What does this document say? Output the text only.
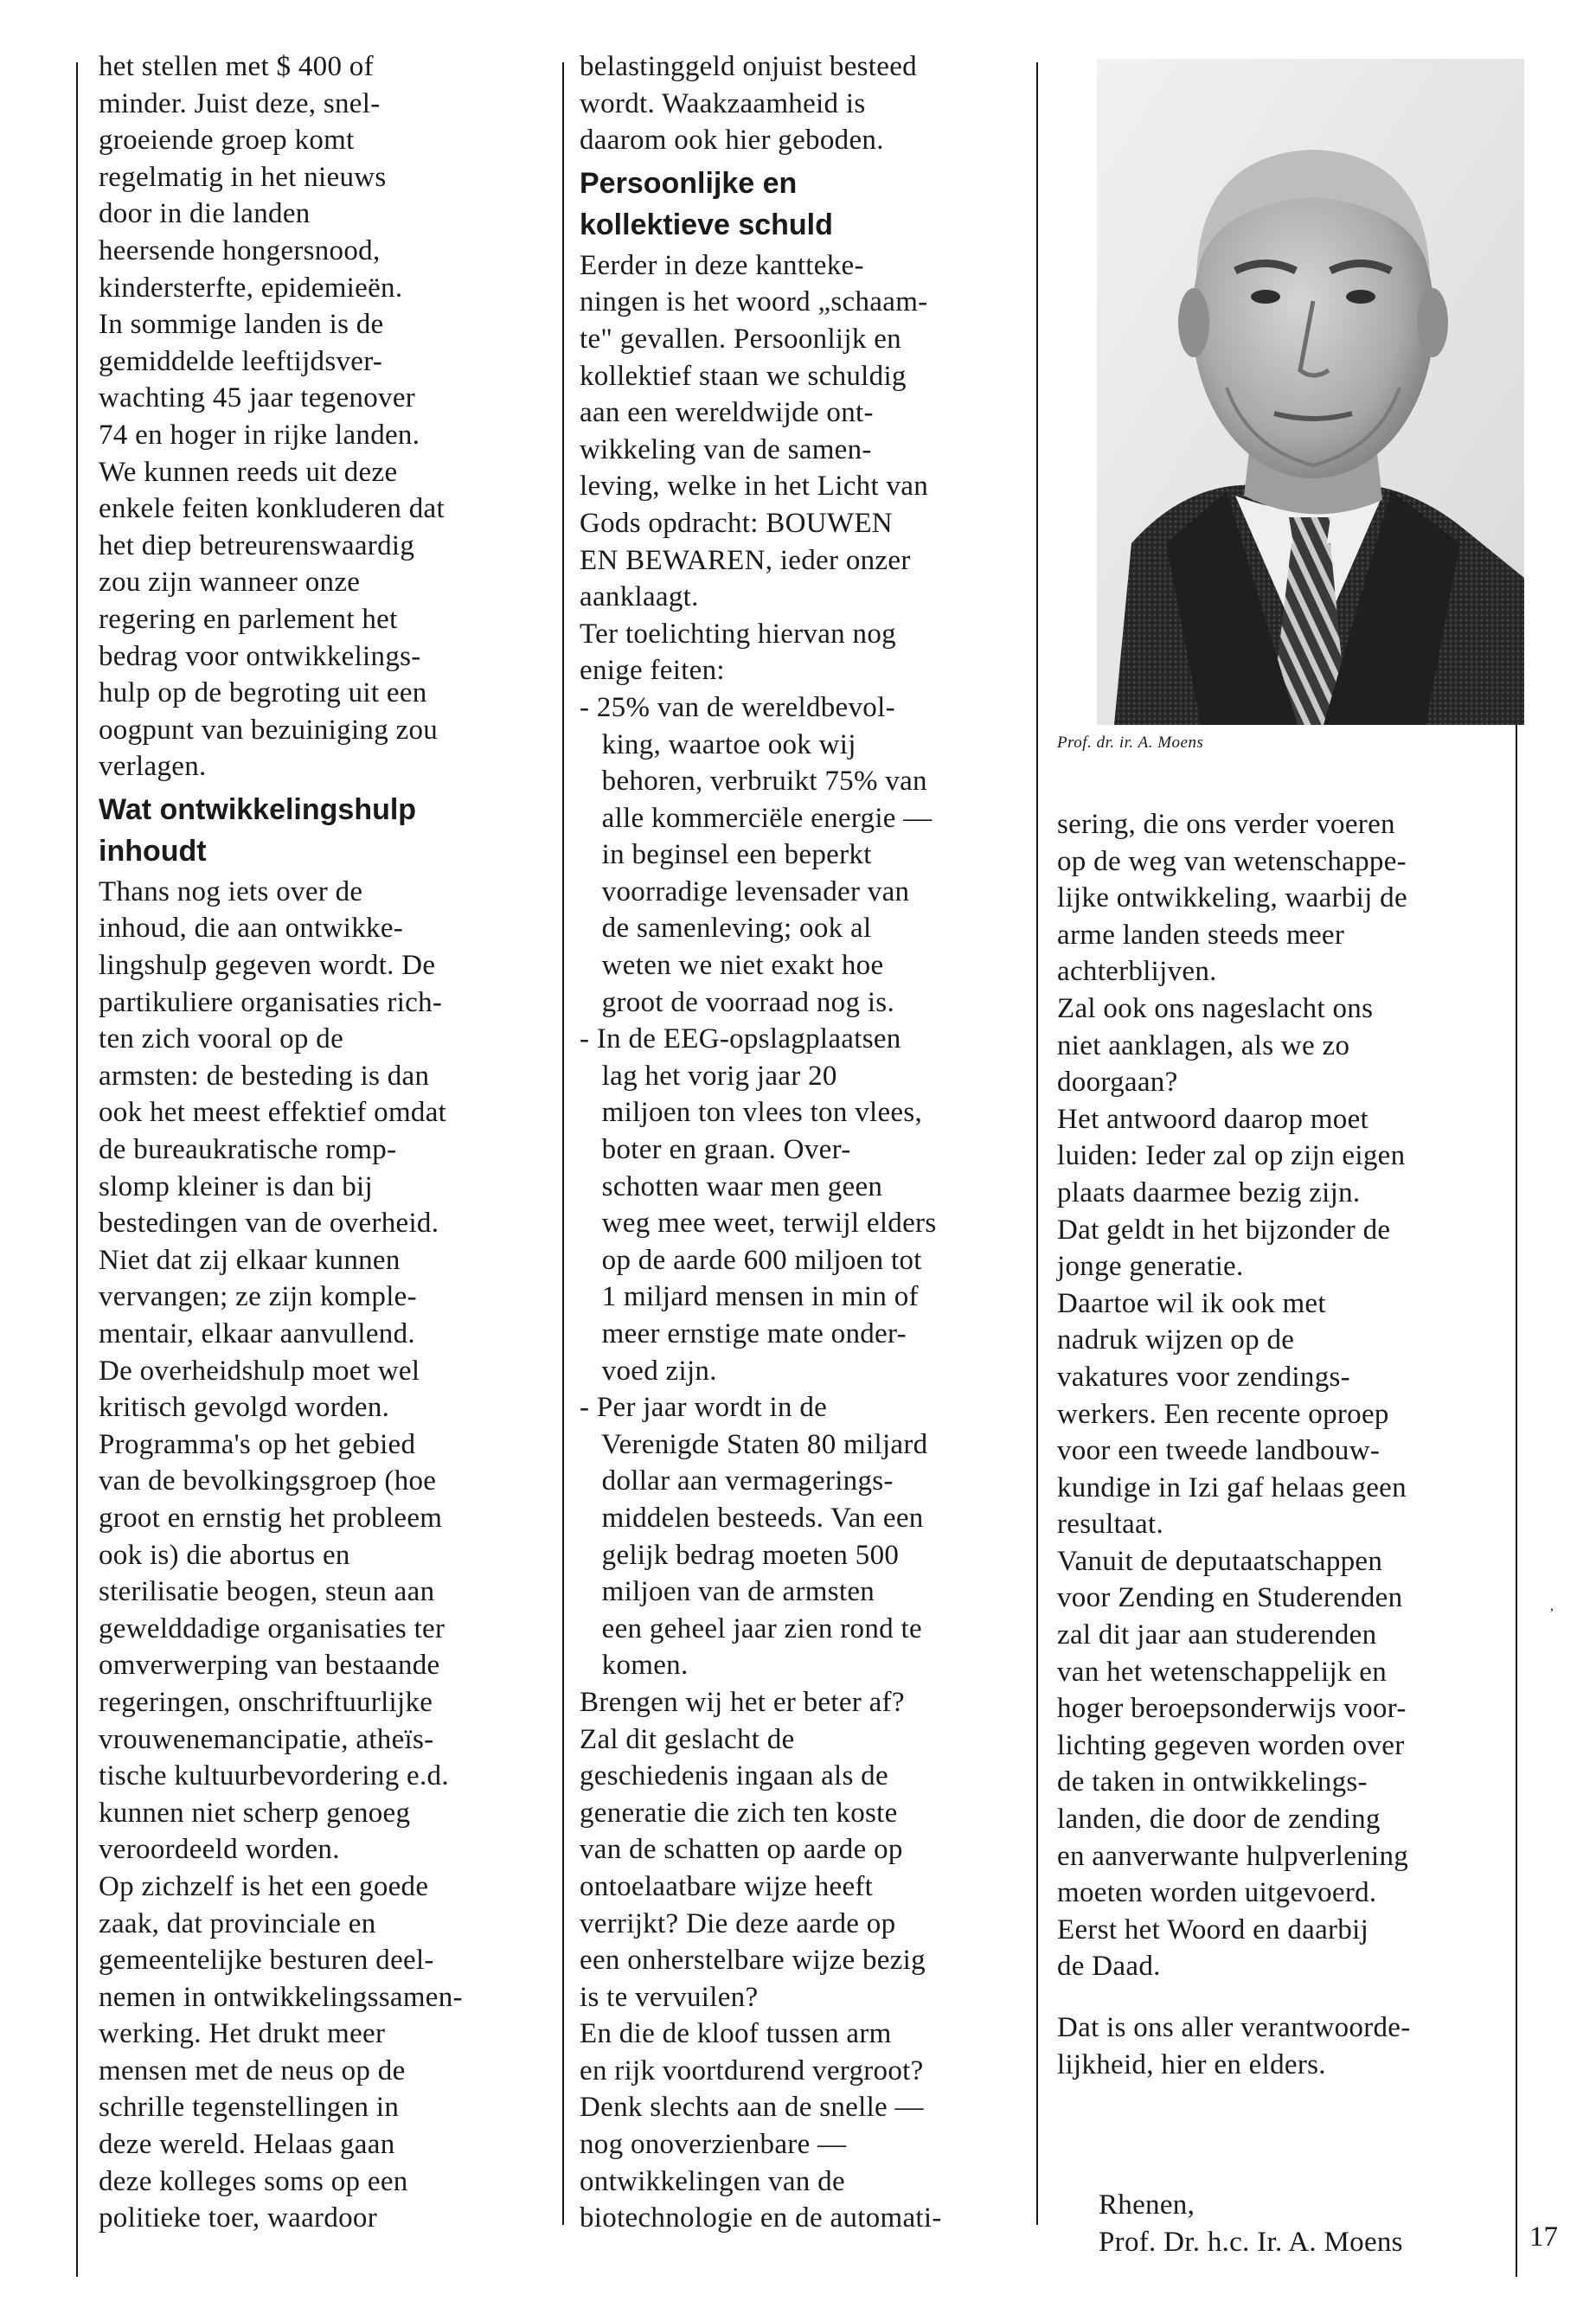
het stellen met $ 400 of

minder. Juist deze, snel-

groeiende groep komt

regelmatig in het nieuws

door in die landen

heersende hongersnood,

kindersterfte, epidemieën.

In sommige landen is de

gemiddelde leeftijdsver-

wachting 45 jaar tegenover

74 en hoger in rijke landen.

We kunnen reeds uit deze

enkele feiten konkluderen dat

het diep betreurenswaardig

zou zijn wanneer onze

regering en parlement het

bedrag voor ontwikkelings-

hulp op de begroting uit een

oogpunt van bezuiniging zou

verlagen.

Wat ontwikkelingshulp
inhoudt

Thans nog iets over de

inhoud, die aan ontwikke-

lingshulp gegeven wordt. De

partikuliere organisaties rich-

ten zich vooral op de

armsten: de besteding is dan

ook het meest effektief omdat

de bureaukratische romp-

slomp kleiner is dan bij

bestedingen van de overheid.

Niet dat zij elkaar kunnen

vervangen; ze zijn komple-

mentair, elkaar aanvullend.

De overheidshulp moet wel

kritisch gevolgd worden.

Programma's op het gebied

van de bevolkingsgroep (hoe

groot en ernstig het probleem

ook is) die abortus en

sterilisatie beogen, steun aan

gewelddadige organisaties ter

omverwerping van bestaande

regeringen, onschriftuurlijke

vrouwenemancipatie, atheïs-

tische kultuurbevordering e.d.

kunnen niet scherp genoeg

veroordeeld worden.

Op zichzelf is het een goede

zaak, dat provinciale en

gemeentelijke besturen deel-

nemen in ontwikkelingssamen-

werking. Het drukt meer

mensen met de neus op de

schrille tegenstellingen in

deze wereld. Helaas gaan

deze kolleges soms op een

politieke toer, waardoor

belastinggeld onjuist besteed

wordt. Waakzaamheid is

daarom ook hier geboden.

Persoonlijke en
kollektieve schuld

Eerder in deze kantteke-

ningen is het woord „schaam-

te" gevallen. Persoonlijk en

kollektief staan we schuldig

aan een wereldwijde ont-

wikkeling van de samen-

leving, welke in het Licht van

Gods opdracht: BOUWEN

EN BEWAREN, ieder onzer

aanklaagt.

Ter toelichting hiervan nog

enige feiten:

- 25% van de wereldbevol-

king, waartoe ook wij

behoren, verbruikt 75% van

alle kommerciële energie —

in beginsel een beperkt

voorradige levensader van

de samenleving; ook al

weten we niet exakt hoe

groot de voorraad nog is.

- In de EEG-opslagplaatsen

lag het vorig jaar 20

miljoen ton vlees ton vlees,

boter en graan. Over-

schotten waar men geen

weg mee weet, terwijl elders

op de aarde 600 miljoen tot

1 miljard mensen in min of

meer ernstige mate onder-

voed zijn.

- Per jaar wordt in de

Verenigde Staten 80 miljard

dollar aan vermagerings-

middelen besteeds. Van een

gelijk bedrag moeten 500

miljoen van de armsten

een geheel jaar zien rond te

komen.

Brengen wij het er beter af?

Zal dit geslacht de

geschiedenis ingaan als de

generatie die zich ten koste

van de schatten op aarde op

ontoelaatbare wijze heeft

verrijkt? Die deze aarde op

een onherstelbare wijze bezig

is te vervuilen?

En die de kloof tussen arm

en rijk voortdurend vergroot?

Denk slechts aan de snelle —

nog onoverzienbare —

ontwikkelingen van de

biotechnologie en de automati-

sering, die ons verder voeren

op de weg van wetenschappe-

lijke ontwikkeling, waarbij de

arme landen steeds meer

achterblijven.

Zal ook ons nageslacht ons

niet aanklagen, als we zo

doorgaan?

Het antwoord daarop moet

luiden: Ieder zal op zijn eigen

plaats daarmee bezig zijn.

Dat geldt in het bijzonder de

jonge generatie.

Daartoe wil ik ook met

nadruk wijzen op de

vakatures voor zendings-

werkers. Een recente oproep

voor een tweede landbouw-

kundige in Izi gaf helaas geen

resultaat.

Vanuit de deputaatschappen

voor Zending en Studerenden

zal dit jaar aan studerenden

van het wetenschappelijk en

hoger beroepsonderwijs voor-

lichting gegeven worden over

de taken in ontwikkelings-

landen, die door de zending

en aanverwante hulpverlening

moeten worden uitgevoerd.

Eerst het Woord en daarbij

de Daad.

Dat is ons aller verantwoorde-

lijkheid, hier en elders.

Prof. dr. ir. A. Moens

Rhenen,

Prof. Dr. h.c. Ir. A. Moens	17
,
